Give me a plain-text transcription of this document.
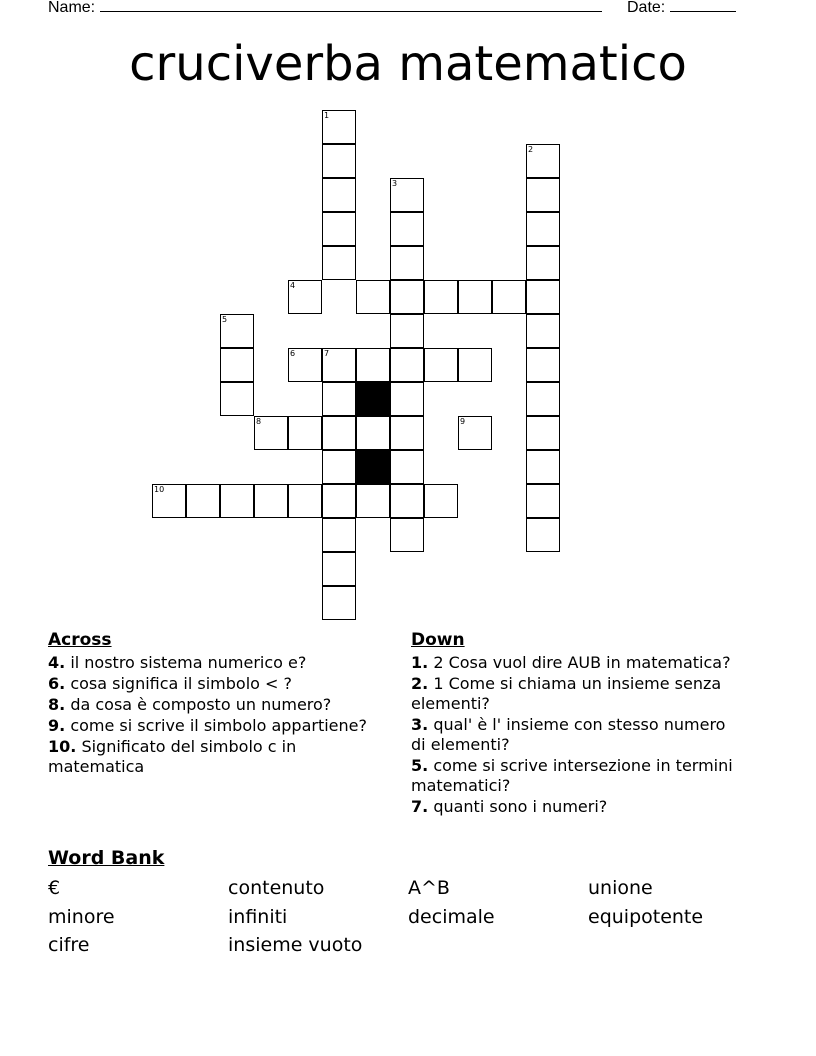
Name:	Date:
cruciverba matematico
1
2
3
4
5
6	7
8	9
10
Across
4. il nostro sistema numerico e?
6. cosa significa il simbolo < ?
8. da cosa è composto un numero?
9. come si scrive il simbolo appartiene?
10. Significato del simbolo c in matematica
Down
1. 2 Cosa vuol dire AUB in matematica?
2. 1 Come si chiama un insieme senza elementi?
3. qual' è l' insieme con stesso numero di elementi?
5. come si scrive intersezione in termini matematici?
7. quanti sono i numeri?
Word Bank
€	contenuto	A^B	unione
minore	infiniti	decimale	equipotente
cifre	insieme vuoto
